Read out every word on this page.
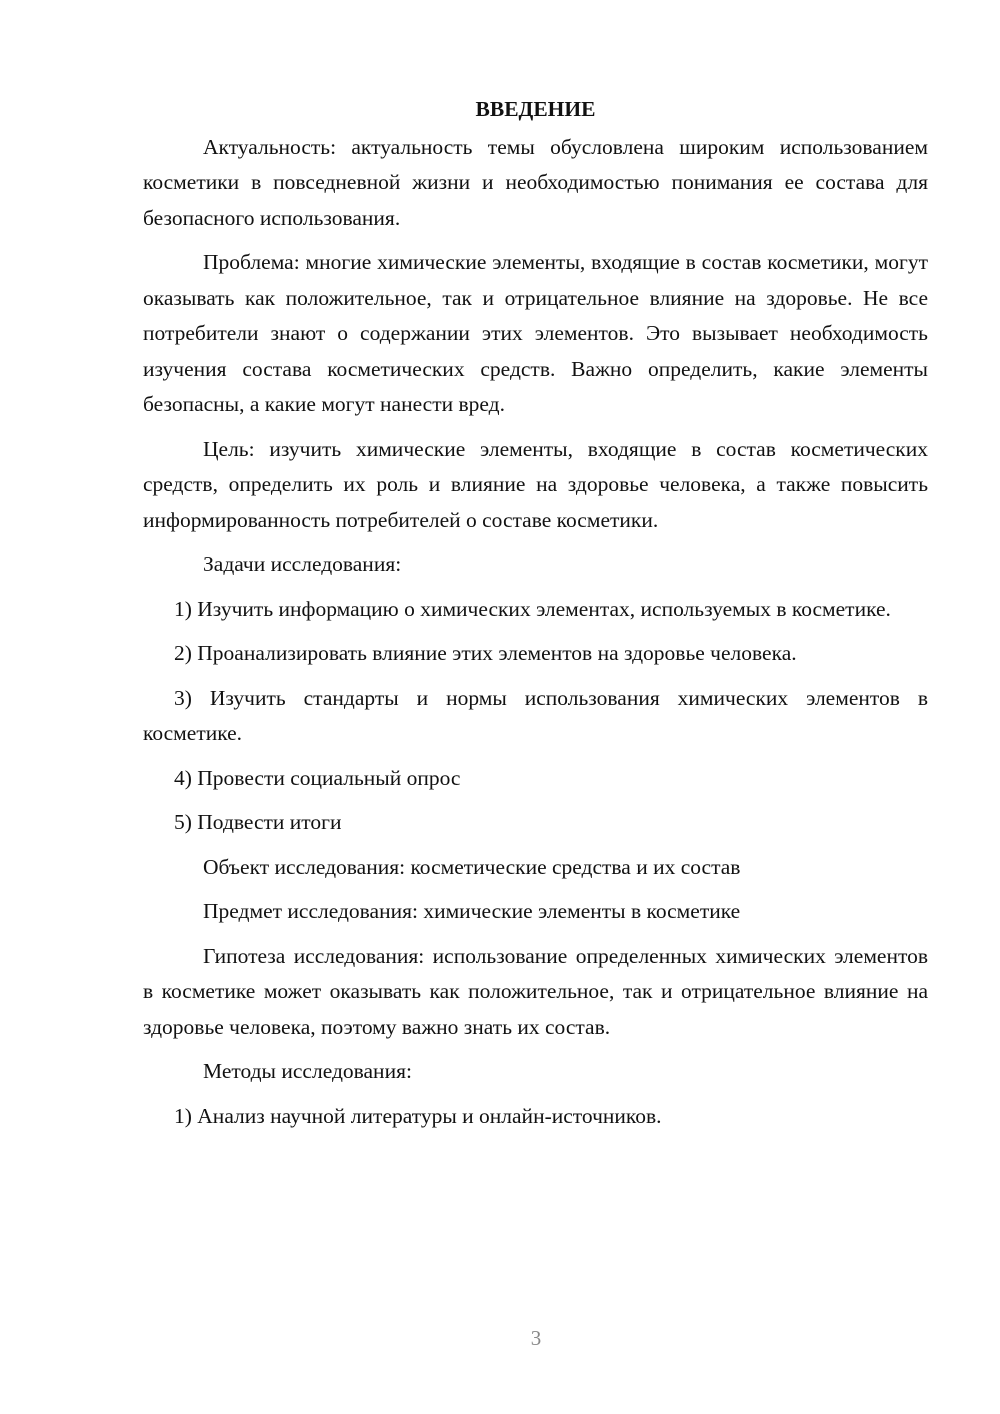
ВВЕДЕНИЕ

Актуальность: актуальность темы обусловлена широким использованием косметики в повседневной жизни и необходимостью понимания ее состава для безопасного использования.

Проблема: многие химические элементы, входящие в состав косметики, могут оказывать как положительное, так и отрицательное влияние на здоровье. Не все потребители знают о содержании этих элементов. Это вызывает необходимость изучения состава косметических средств. Важно определить, какие элементы безопасны, а какие могут нанести вред.

Цель: изучить химические элементы, входящие в состав косметических средств, определить их роль и влияние на здоровье человека, а также повысить информированность потребителей о составе косметики.

Задачи исследования:

1) Изучить информацию о химических элементах, используемых в косметике.

2) Проанализировать влияние этих элементов на здоровье человека.

3) Изучить стандарты и нормы использования химических элементов в косметике.

4) Провести социальный опрос

5) Подвести итоги

Объект исследования: косметические средства и их состав

Предмет исследования: химические элементы в косметике

Гипотеза исследования: использование определенных химических элементов в косметике может оказывать как положительное, так и отрицательное влияние на здоровье человека, поэтому важно знать их состав.

Методы исследования:

1) Анализ научной литературы и онлайн-источников.

3
